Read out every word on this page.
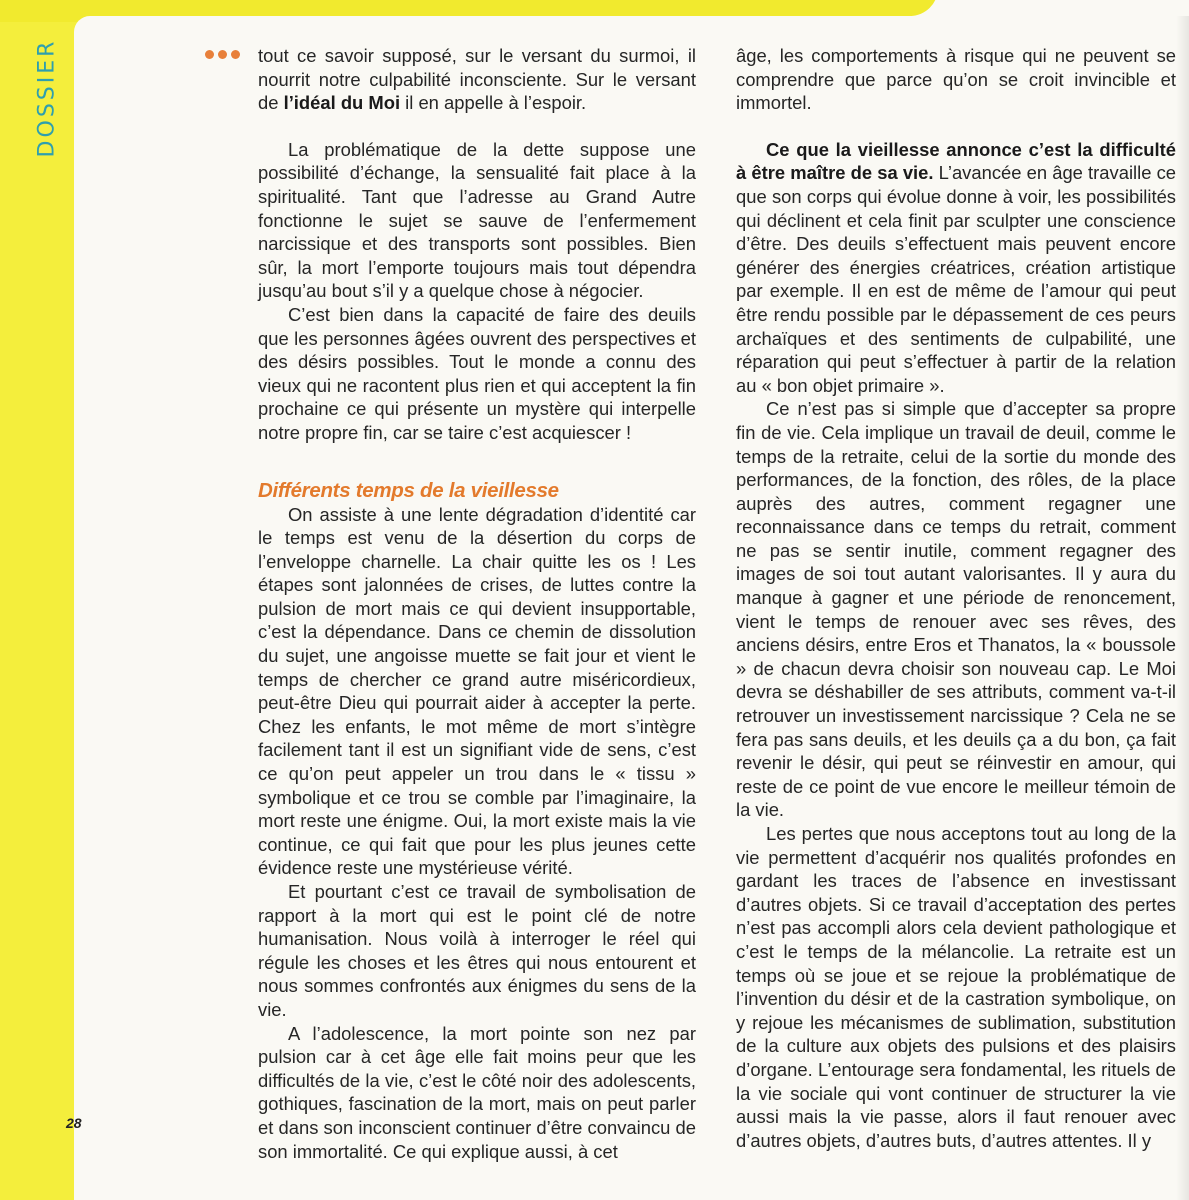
DOSSIER	tout ce savoir supposé, sur le versant du surmoi, il nourrit notre culpabilité inconsciente. Sur le versant de l’idéal du Moi il en appelle à l’espoir.

La problématique de la dette suppose une possibilité d’échange, la sensualité fait place à la spiritualité. Tant que l’adresse au Grand Autre fonctionne le sujet se sauve de l’enfermement narcissique et des transports sont possibles. Bien sûr, la mort l’emporte toujours mais tout dépendra jusqu’au bout s’il y a quelque chose à négocier.

C’est bien dans la capacité de faire des deuils que les personnes âgées ouvrent des perspectives et des désirs possibles. Tout le monde a connu des vieux qui ne racontent plus rien et qui acceptent la fin prochaine ce qui présente un mystère qui interpelle notre propre fin, car se taire c’est acquiescer !

Différents temps de la vieillesse

On assiste à une lente dégradation d’identité car le temps est venu de la désertion du corps de l’enveloppe charnelle. La chair quitte les os ! Les étapes sont jalonnées de crises, de luttes contre la pulsion de mort mais ce qui devient insupportable, c’est la dépendance. Dans ce chemin de dissolution du sujet, une angoisse muette se fait jour et vient le temps de chercher ce grand autre miséricordieux, peut-être Dieu qui pourrait aider à accepter la perte. Chez les enfants, le mot même de mort s’intègre facilement tant il est un signifiant vide de sens, c’est ce qu’on peut appeler un trou dans le « tissu » symbolique et ce trou se comble par l’imaginaire, la mort reste une énigme. Oui, la mort existe mais la vie continue, ce qui fait que pour les plus jeunes cette évidence reste une mystérieuse vérité.

Et pourtant c’est ce travail de symbolisation de rapport à la mort qui est le point clé de notre humanisation. Nous voilà à interroger le réel qui régule les choses et les êtres qui nous entourent et nous sommes confrontés aux énigmes du sens de la vie.

A l’adolescence, la mort pointe son nez par pulsion car à cet âge elle fait moins peur que les difficultés de la vie, c’est le côté noir des adolescents, gothiques, fascination de la mort, mais on peut parler et dans son inconscient continuer d’être convaincu de son immortalité. Ce qui explique aussi, à cet

âge, les comportements à risque qui ne peuvent se comprendre que parce qu’on se croit invincible et immortel.

Ce que la vieillesse annonce c’est la difficulté à être maître de sa vie. L’avancée en âge travaille ce que son corps qui évolue donne à voir, les possibilités qui déclinent et cela finit par sculpter une conscience d’être. Des deuils s’effectuent mais peuvent encore générer des énergies créatrices, création artistique par exemple. Il en est de même de l’amour qui peut être rendu possible par le dépassement de ces peurs archaïques et des sentiments de culpabilité, une réparation qui peut s’effectuer à partir de la relation au « bon objet primaire ».

Ce n’est pas si simple que d’accepter sa propre fin de vie. Cela implique un travail de deuil, comme le temps de la retraite, celui de la sortie du monde des performances, de la fonction, des rôles, de la place auprès des autres, comment regagner une reconnaissance dans ce temps du retrait, comment ne pas se sentir inutile, comment regagner des images de soi tout autant valorisantes. Il y aura du manque à gagner et une période de renoncement, vient le temps de renouer avec ses rêves, des anciens désirs, entre Eros et Thanatos, la « boussole » de chacun devra choisir son nouveau cap. Le Moi devra se déshabiller de ses attributs, comment va-t-il retrouver un investissement narcissique ? Cela ne se fera pas sans deuils, et les deuils ça a du bon, ça fait revenir le désir, qui peut se réinvestir en amour, qui reste de ce point de vue encore le meilleur témoin de la vie.

Les pertes que nous acceptons tout au long de la vie permettent d’acquérir nos qualités profondes en gardant les traces de l’absence en investissant d’autres objets. Si ce travail d’acceptation des pertes n’est pas accompli alors cela devient pathologique et c’est le temps de la mélancolie. La retraite est un temps où se joue et se rejoue la problématique de l’invention du désir et de la castration symbolique, on y rejoue les mécanismes de sublimation, substitution de la culture aux objets des pulsions et des plaisirs d’organe. L’entourage sera fondamental, les rituels de la vie sociale qui vont continuer de structurer la vie aussi mais la vie passe, alors il faut renouer avec d’autres objets, d’autres buts, d’autres attentes. Il y

28
